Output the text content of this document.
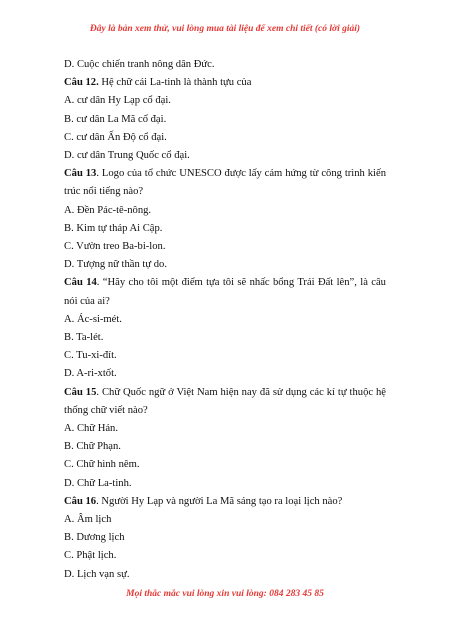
Đây là bản xem thử, vui lòng mua tài liệu để xem chi tiết (có lời giải)
D. Cuộc chiến tranh nông dân Đức.
Câu 12. Hệ chữ cái La-tinh là thành tựu của
A. cư dân Hy Lạp cổ đại.
B. cư dân La Mã cổ đại.
C. cư dân Ấn Độ cổ đại.
D. cư dân Trung Quốc cổ đại.
Câu 13. Logo của tổ chức UNESCO được lấy cảm hứng từ công trình kiến trúc nổi tiếng nào?
A. Đền Pác-tê-nông.
B. Kim tự tháp Ai Cập.
C. Vườn treo Ba-bi-lon.
D. Tượng nữ thần tự do.
Câu 14. “Hãy cho tôi một điểm tựa tôi sẽ nhấc bổng Trái Đất lên”, là câu nói của ai?
A. Ác-si-mét.
B. Ta-lét.
C. Tu-xi-đít.
D. A-ri-xtốt.
Câu 15. Chữ Quốc ngữ ở Việt Nam hiện nay đã sử dụng các kí tự thuộc hệ thống chữ viết nào?
A. Chữ Hán.
B. Chữ Phạn.
C. Chữ hình nêm.
D. Chữ La-tinh.
Câu 16. Người Hy Lạp và người La Mã sáng tạo ra loại lịch nào?
A. Âm lịch
B. Dương lịch
C. Phật lịch.
D. Lịch vạn sự.
Mọi thắc mắc vui lòng xin vui lòng: 084 283 45 85
